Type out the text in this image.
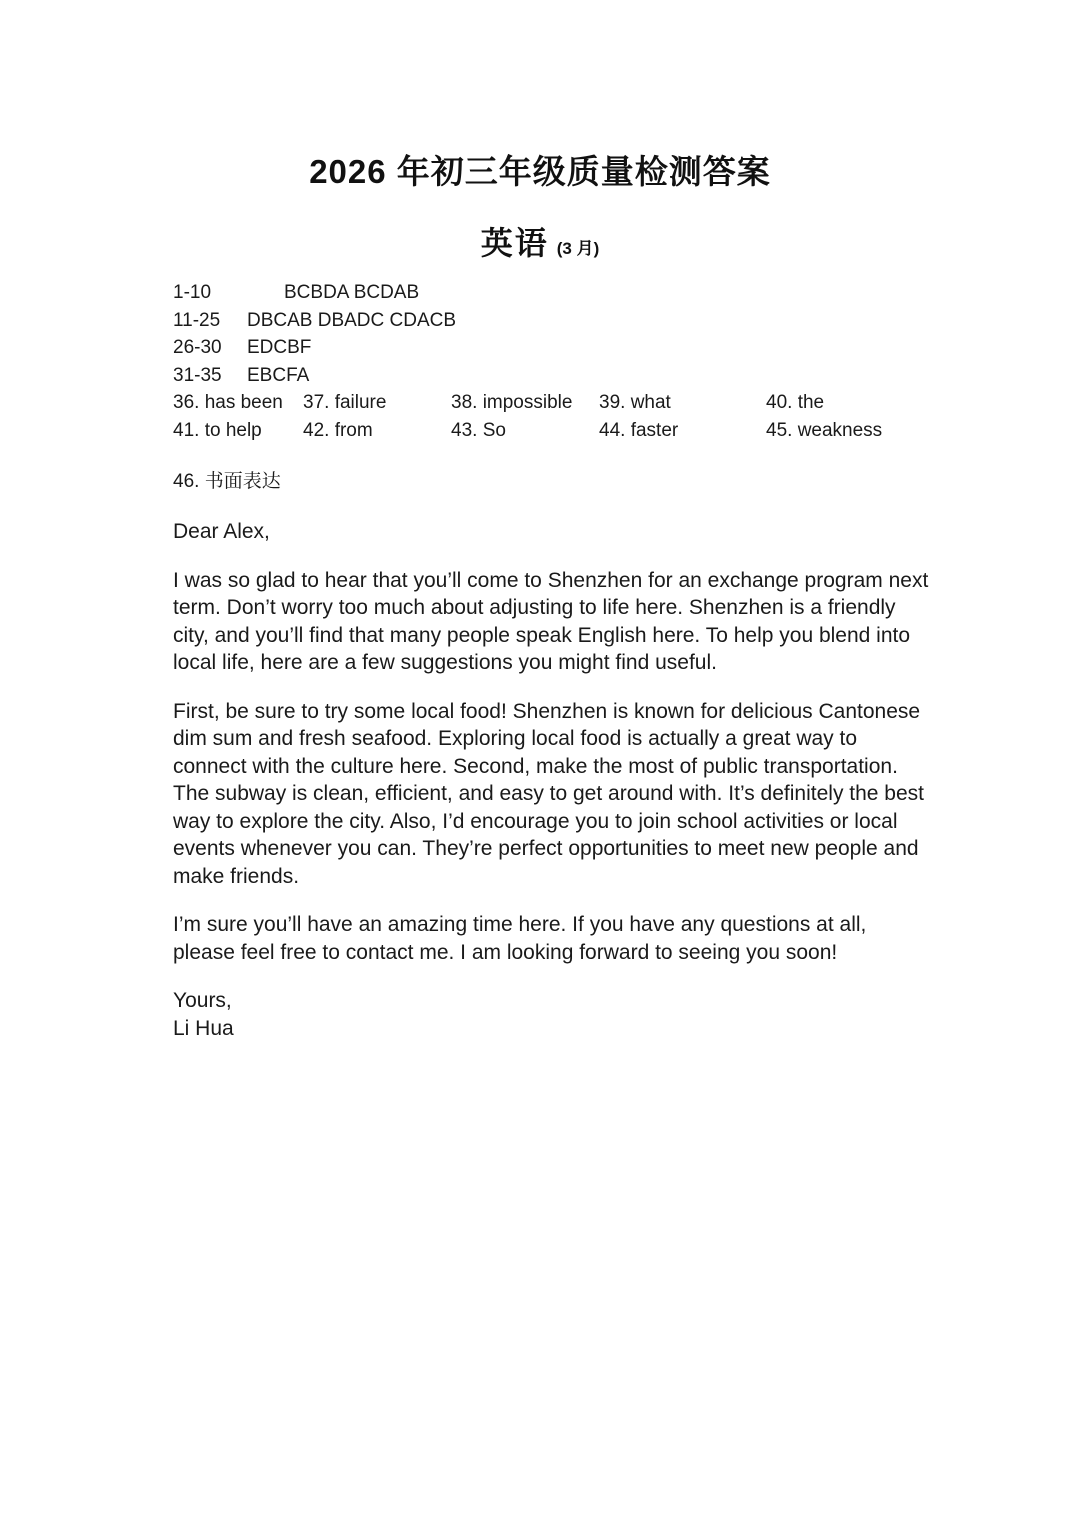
2026 年初三年级质量检测答案
英语 (3 月)
1-10	BCBDA BCDAB
11-25 DBCAB DBADC CDACB
26-30 EDCBF
31-35 EBCFA
36. has been 37. failure	38. impossible 39. what	40. the
41. to help 42. from	43. So	44. faster	45. weakness
46. 书面表达

Dear Alex,

I was so glad to hear that you’ll come to Shenzhen for an exchange program next term. Don’t worry too much about adjusting to life here. Shenzhen is a friendly city, and you’ll find that many people speak English here. To help you blend into local life, here are a few suggestions you might find useful.

First, be sure to try some local food! Shenzhen is known for delicious Cantonese dim sum and fresh seafood. Exploring local food is actually a great way to connect with the culture here. Second, make the most of public transportation. The subway is clean, efficient, and easy to get around with. It’s definitely the best way to explore the city. Also, I’d encourage you to join school activities or local events whenever you can. They’re perfect opportunities to meet new people and make friends.

I’m sure you’ll have an amazing time here. If you have any questions at all, please feel free to contact me. I am looking forward to seeing you soon!

Yours,
Li Hua
